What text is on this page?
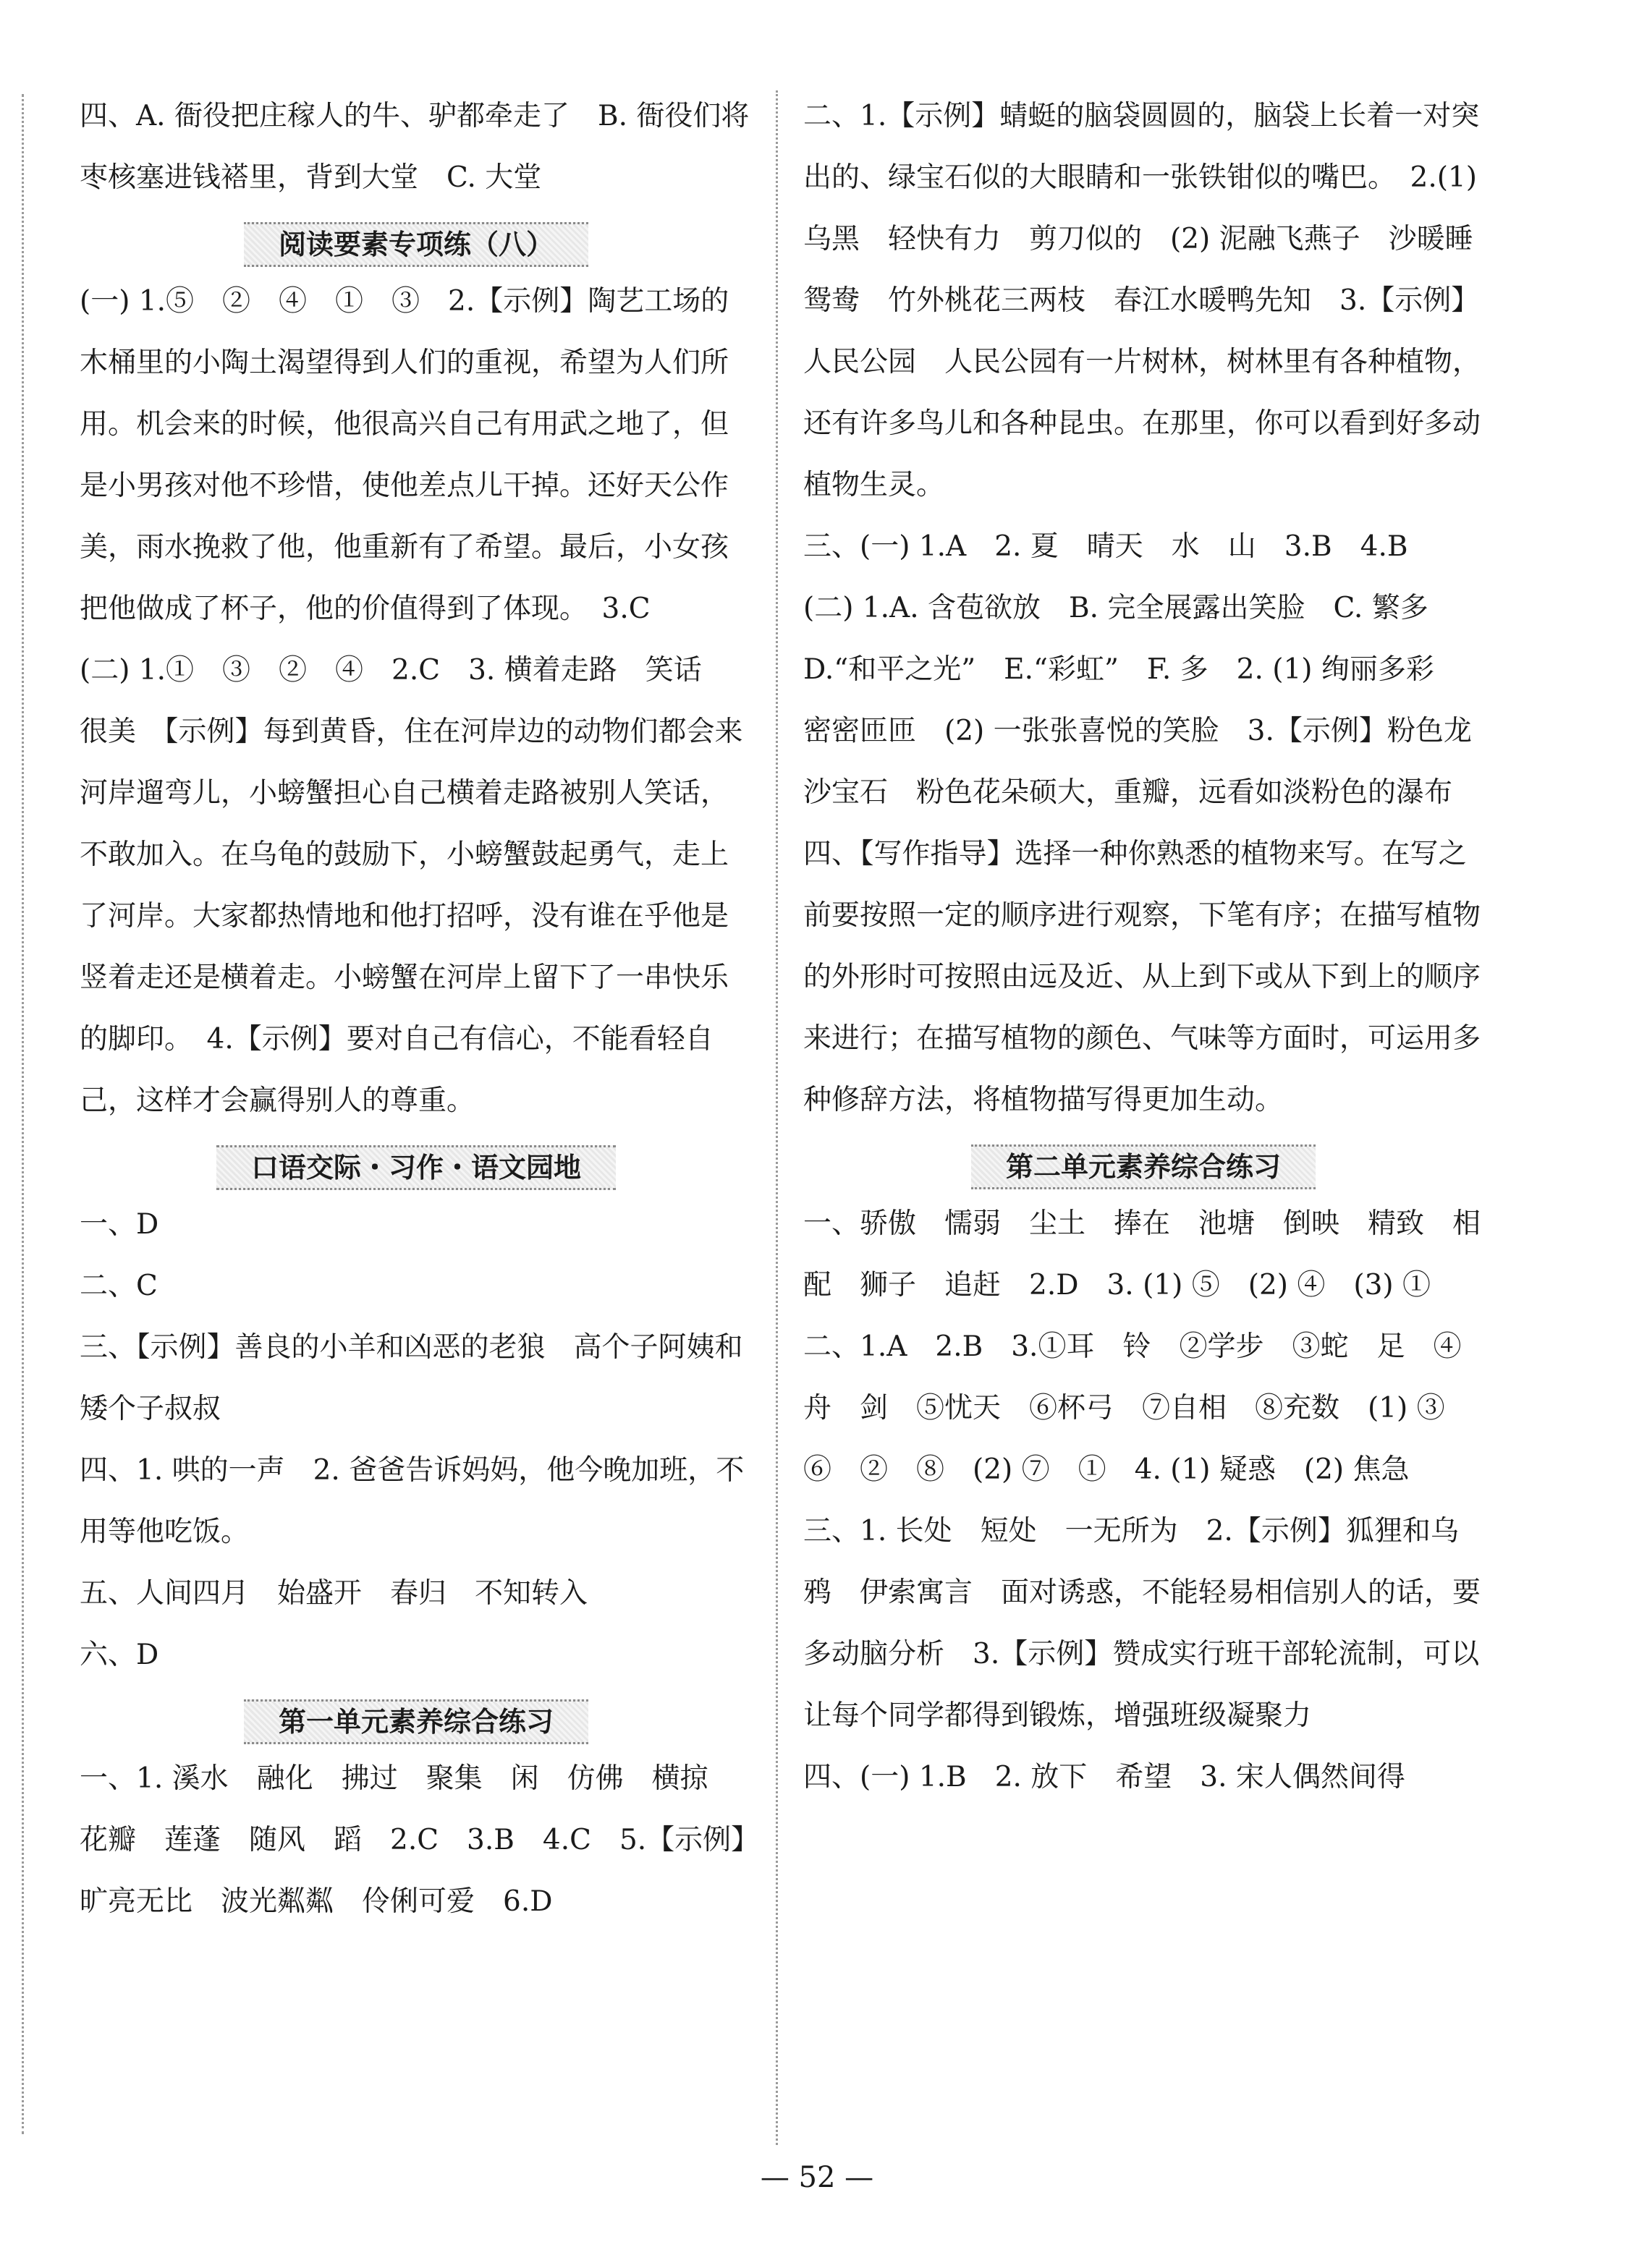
四、A. 衙役把庄稼人的牛、驴都牵走了　B. 衙役们将枣核塞进钱褡里，背到大堂　C. 大堂

阅读要素专项练（八）

(一) 1.⑤　②　④　①　③　2.【示例】陶艺工场的木桶里的小陶土渴望得到人们的重视，希望为人们所用。机会来的时候，他很高兴自己有用武之地了，但是小男孩对他不珍惜，使他差点儿干掉。还好天公作美，雨水挽救了他，他重新有了希望。最后，小女孩把他做成了杯子，他的价值得到了体现。　3.C

(二) 1.①　③　②　④　2.C　3. 横着走路　笑话　很美　【示例】每到黄昏，住在河岸边的动物们都会来河岸遛弯儿，小螃蟹担心自己横着走路被别人笑话，不敢加入。在乌龟的鼓励下，小螃蟹鼓起勇气，走上了河岸。大家都热情地和他打招呼，没有谁在乎他是竖着走还是横着走。小螃蟹在河岸上留下了一串快乐的脚印。　4.【示例】要对自己有信心，不能看轻自己，这样才会赢得别人的尊重。

口语交际・习作・语文园地

一、D

二、C

三、【示例】善良的小羊和凶恶的老狼　高个子阿姨和矮个子叔叔

四、1. 哄的一声　2. 爸爸告诉妈妈，他今晚加班，不用等他吃饭。

五、人间四月　始盛开　春归　不知转入

六、D

第一单元素养综合练习

一、1. 溪水　融化　拂过　聚集　闲　仿佛　横掠　花瓣　莲蓬　随风　蹈　2.C　3.B　4.C　5.【示例】旷亮无比　波光粼粼　伶俐可爱　6.D

二、1.【示例】蜻蜓的脑袋圆圆的，脑袋上长着一对突出的、绿宝石似的大眼睛和一张铁钳似的嘴巴。　2.(1) 乌黑　轻快有力　剪刀似的　(2) 泥融飞燕子　沙暖睡鸳鸯　竹外桃花三两枝　春江水暖鸭先知　3.【示例】人民公园　人民公园有一片树林，树林里有各种植物，还有许多鸟儿和各种昆虫。在那里，你可以看到好多动植物生灵。

三、(一) 1.A　2. 夏　晴天　水　山　3.B　4.B　(二) 1.A. 含苞欲放　B. 完全展露出笑脸　C. 繁多　D.“和平之光”　E.“彩虹”　F. 多　2. (1) 绚丽多彩　密密匝匝　(2) 一张张喜悦的笑脸　3.【示例】粉色龙沙宝石　粉色花朵硕大，重瓣，远看如淡粉色的瀑布

四、【写作指导】选择一种你熟悉的植物来写。在写之前要按照一定的顺序进行观察，下笔有序；在描写植物的外形时可按照由远及近、从上到下或从下到上的顺序来进行；在描写植物的颜色、气味等方面时，可运用多种修辞方法，将植物描写得更加生动。

第二单元素养综合练习

一、骄傲　懦弱　尘土　捧在　池塘　倒映　精致　相配　狮子　追赶　2.D　3. (1) ⑤　(2) ④　(3) ①

二、1.A　2.B　3.①耳　铃　②学步　③蛇　足　④舟　剑　⑤忧天　⑥杯弓　⑦自相　⑧充数　(1) ③　⑥　②　⑧　(2) ⑦　①　4. (1) 疑惑　(2) 焦急

三、1. 长处　短处　一无所为　2.【示例】狐狸和乌鸦　伊索寓言　面对诱惑，不能轻易相信别人的话，要多动脑分析　3.【示例】赞成实行班干部轮流制，可以让每个同学都得到锻炼，增强班级凝聚力

四、(一) 1.B　2. 放下　希望　3. 宋人偶然间得

— 52 —
